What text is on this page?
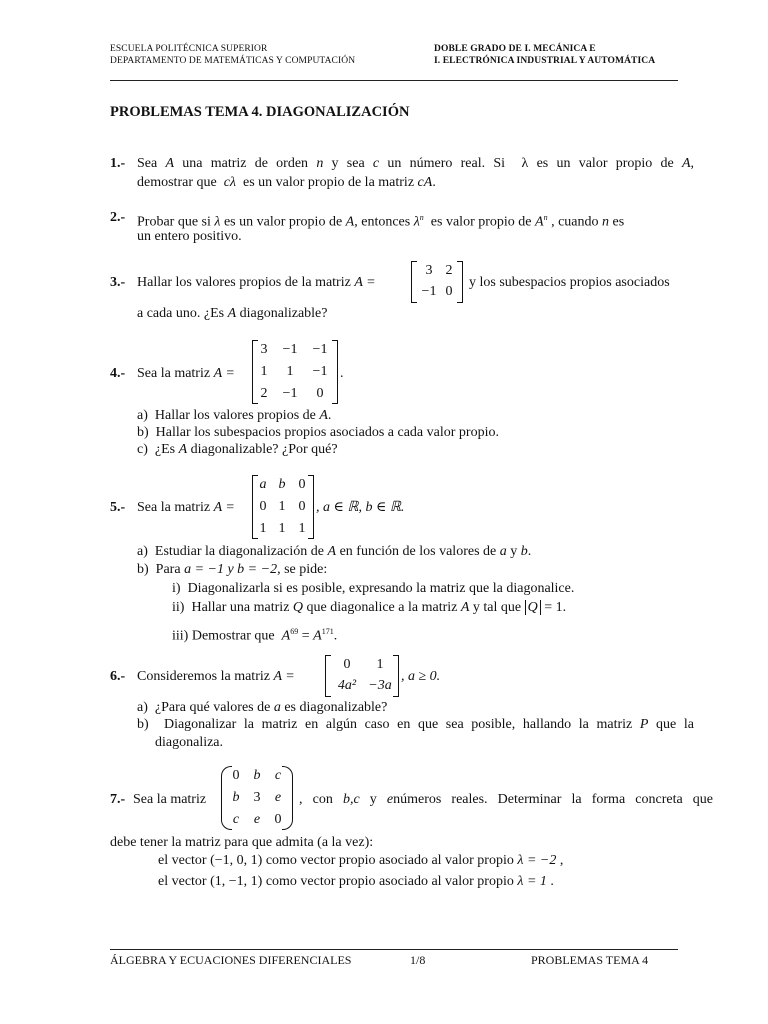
ESCUELA POLITÉCNICA SUPERIOR
DEPARTAMENTO DE MATEMÁTICAS Y COMPUTACIÓN
DOBLE GRADO DE I. MECÁNICA E
I. ELECTRÓNICA INDUSTRIAL Y AUTOMÁTICA
PROBLEMAS TEMA 4. DIAGONALIZACIÓN
1.- Sea A una matriz de orden n y sea c un número real. Si  λ es un valor propio de A,
demostrar que  cλ  es un valor propio de la matriz cA.
2.- Probar que si λ es un valor propio de A, entonces $\lambda^n$  es valor propio de $A^n$ , cuando n es
un entero positivo.
3.- Hallar los valores propios de la matriz A =
3 2
−1 0
y los subespacios propios asociados
a cada uno. ¿Es A diagonalizable?
4.- Sea la matriz A =
3	−1	−1
1	1	−1
2	−1	0
.
a) Hallar los valores propios de A.
b) Hallar los subespacios propios asociados a cada valor propio.
c) ¿Es A diagonalizable? ¿Por qué?
5.- Sea la matriz A =
a b 0
0 1 0
1 1 1
, a ∈ ℝ, b ∈ ℝ.
a) Estudiar la diagonalización de A en función de los valores de a y b.
b) Para a = −1 y b = −2, se pide:
i) Diagonalizarla si es posible, expresando la matriz que la diagonalice.
ii) Hallar una matriz Q que diagonalice a la matriz A y tal que Q = 1.
iii) Demostrar que  $A^{69} = A^{171}$.
6.- Consideremos la matriz A =
0	1
4a² −3a
, a ≥ 0.
a) ¿Para qué valores de a es diagonalizable?
b) Diagonalizar la matriz en algún caso en que sea posible, hallando la matriz P que la
diagonaliza.
7.- Sea la matriz
0	b	c
b	3	e
c	e	0
, con b,c y enúmeros reales. Determinar la forma concreta que
debe tener la matriz para que admita (a la vez):
el vector (−1, 0, 1) como vector propio asociado al valor propio λ = −2 ,
el vector (1, −1, 1) como vector propio asociado al valor propio λ = 1 .
ÁLGEBRA Y ECUACIONES DIFERENCIALES	1/8	PROBLEMAS TEMA 4
